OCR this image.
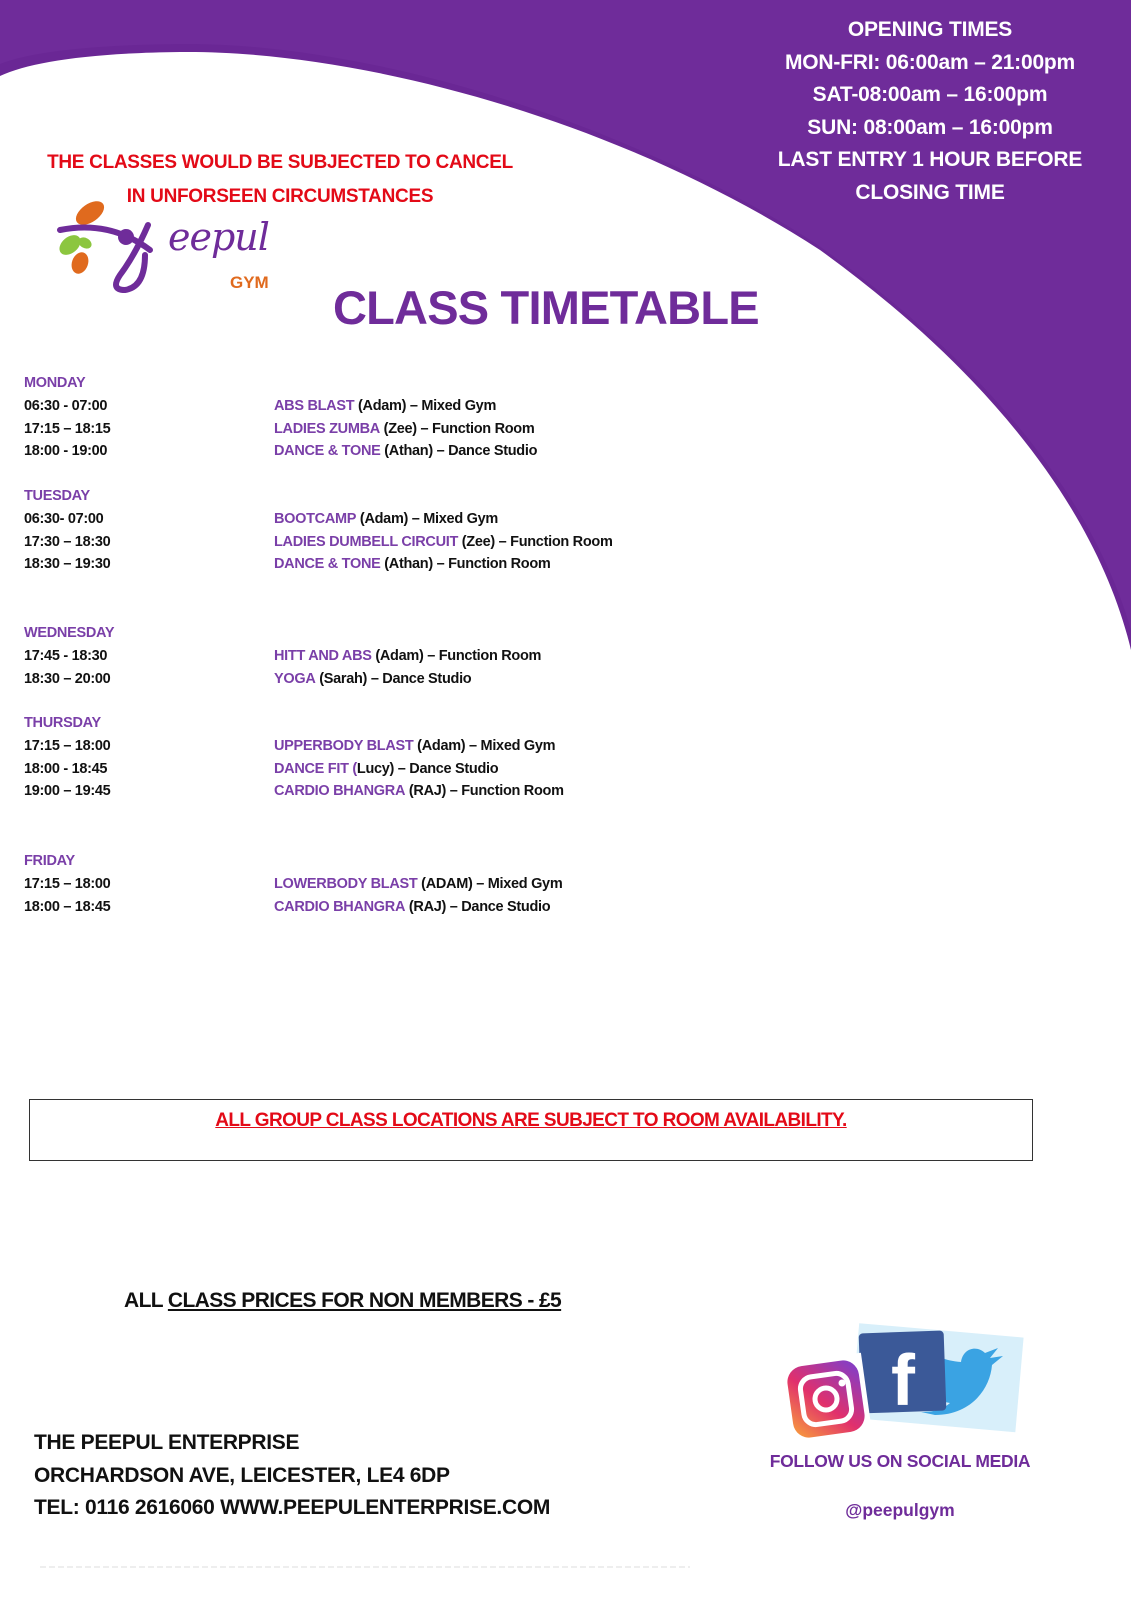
OPENING TIMES
MON-FRI: 06:00am – 21:00pm
SAT-08:00am – 16:00pm
SUN: 08:00am – 16:00pm
LAST ENTRY 1 HOUR BEFORE
CLOSING TIME
THE CLASSES WOULD BE SUBJECTED TO CANCEL
IN UNFORSEEN CIRCUMSTANCES
eepul
GYM CLASS TIMETABLE
MONDAY
06:30 - 07:00	ABS BLAST (Adam) – Mixed Gym
17:15 – 18:15	LADIES ZUMBA (Zee) – Function Room
18:00 - 19:00	DANCE & TONE (Athan) – Dance Studio
TUESDAY
06:30- 07:00	BOOTCAMP (Adam) – Mixed Gym
17:30 – 18:30	LADIES DUMBELL CIRCUIT (Zee) – Function Room
18:30 – 19:30	DANCE & TONE (Athan) – Function Room
WEDNESDAY
17:45 - 18:30	HITT AND ABS (Adam) – Function Room
18:30 – 20:00	YOGA (Sarah) – Dance Studio
THURSDAY
17:15 – 18:00	UPPERBODY BLAST (Adam) – Mixed Gym
18:00 - 18:45	DANCE FIT ( Lucy) – Dance Studio
19:00 – 19:45	CARDIO BHANGRA (RAJ) – Function Room
FRIDAY
17:15 – 18:00	LOWERBODY BLAST (ADAM) – Mixed Gym
18:00 – 18:45	CARDIO BHANGRA (RAJ) – Dance Studio
ALL GROUP CLASS LOCATIONS ARE SUBJECT TO ROOM AVAILABILITY.
ALL CLASS PRICES FOR NON MEMBERS - £5
THE PEEPUL ENTERPRISE
ORCHARDSON AVE, LEICESTER, LE4 6DP
TEL: 0116 2616060 WWW.PEEPULENTERPRISE.COM
f
FOLLOW US ON SOCIAL MEDIA
@peepulgym
